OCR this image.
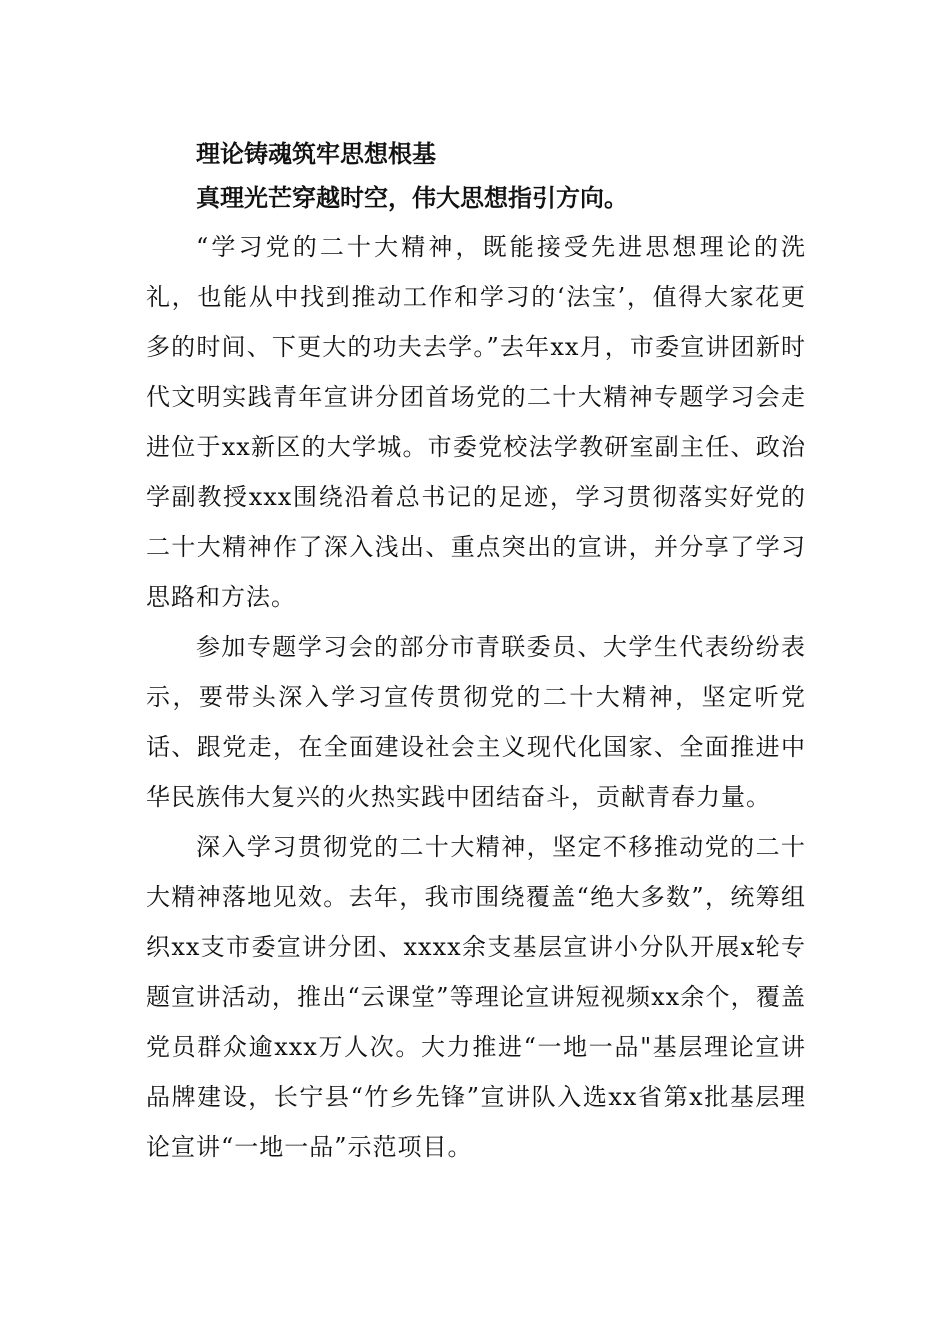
理论铸魂筑牢思想根基
真理光芒穿越时空，伟大思想指引方向。

“学习党的二十大精神，既能接受先进思想理论的洗礼，也能从中找到推动工作和学习的‘法宝’，值得大家花更多的时间、下更大的功夫去学。”去年xx月，市委宣讲团新时代文明实践青年宣讲分团首场党的二十大精神专题学习会走进位于xx新区的大学城。市委党校法学教研室副主任、政治学副教授xxx围绕沿着总书记的足迹，学习贯彻落实好党的二十大精神作了深入浅出、重点突出的宣讲，并分享了学习思路和方法。

参加专题学习会的部分市青联委员、大学生代表纷纷表示，要带头深入学习宣传贯彻党的二十大精神，坚定听党话、跟党走，在全面建设社会主义现代化国家、全面推进中华民族伟大复兴的火热实践中团结奋斗，贡献青春力量。

深入学习贯彻党的二十大精神，坚定不移推动党的二十大精神落地见效。去年，我市围绕覆盖“绝大多数”，统筹组织xx支市委宣讲分团、xxxx余支基层宣讲小分队开展x轮专题宣讲活动，推出“云课堂”等理论宣讲短视频xx余个，覆盖党员群众逾xxx万人次。大力推进“一地一品"基层理论宣讲品牌建设，长宁县“竹乡先锋”宣讲队入选xx省第x批基层理论宣讲“一地一品”示范项目。
